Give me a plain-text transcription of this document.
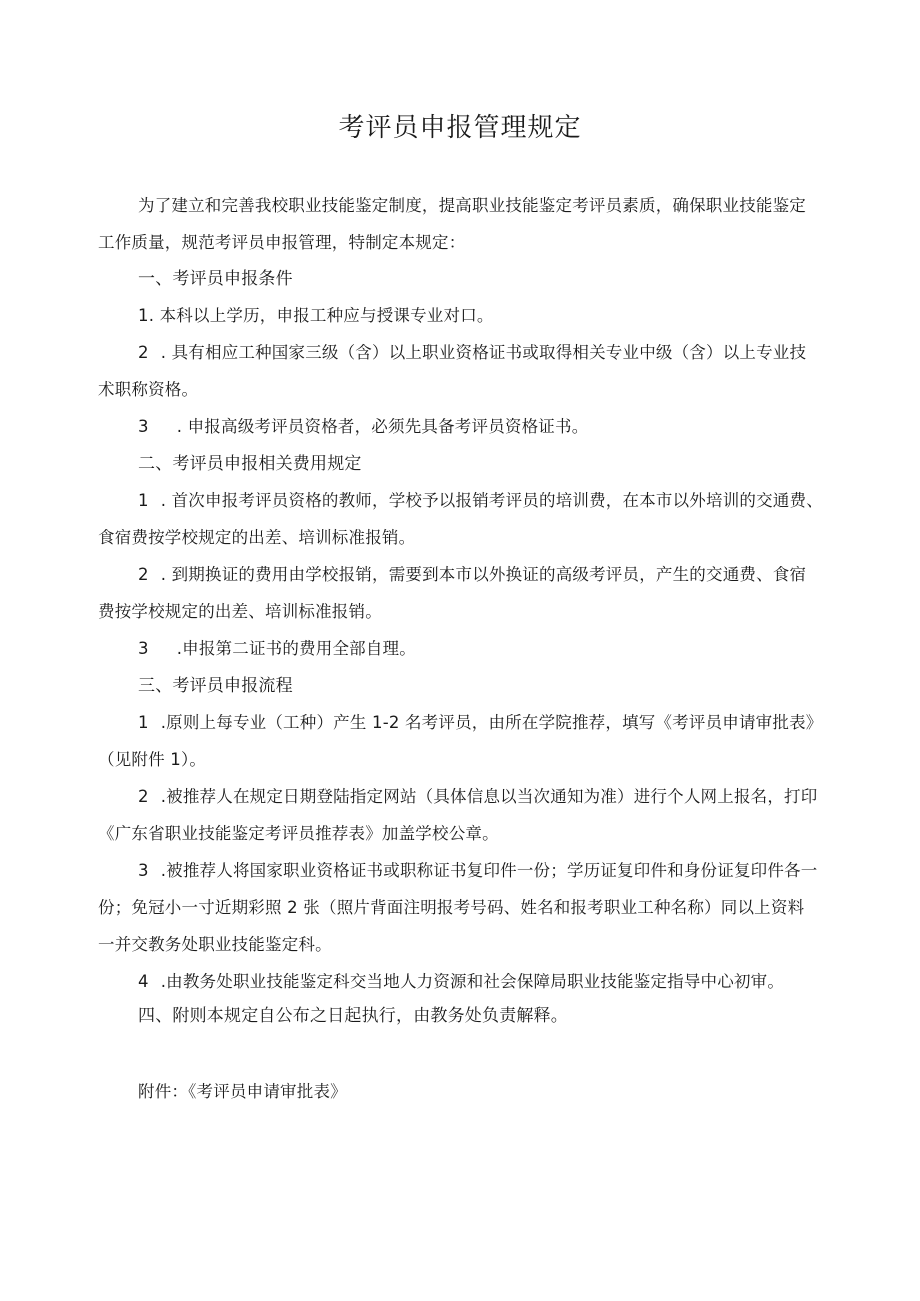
考评员申报管理规定
为了建立和完善我校职业技能鉴定制度，提高职业技能鉴定考评员素质，确保职业技能鉴定
工作质量，规范考评员申报管理，特制定本规定：
一、考评员申报条件
1. 本科以上学历，申报工种应与授课专业对口。
2 . 具有相应工种国家三级（含）以上职业资格证书或取得相关专业中级（含）以上专业技
术职称资格。
3 . 申报高级考评员资格者，必须先具备考评员资格证书。
二、考评员申报相关费用规定
1 . 首次申报考评员资格的教师，学校予以报销考评员的培训费，在本市以外培训的交通费、
食宿费按学校规定的出差、培训标准报销。
2 . 到期换证的费用由学校报销，需要到本市以外换证的高级考评员，产生的交通费、食宿
费按学校规定的出差、培训标准报销。
3 .申报第二证书的费用全部自理。
三、考评员申报流程
1 .原则上每专业（工种）产生 1-2 名考评员，由所在学院推荐，填写《考评员申请审批表》
（见附件 1）。
2 .被推荐人在规定日期登陆指定网站（具体信息以当次通知为准）进行个人网上报名，打印
《广东省职业技能鉴定考评员推荐表》加盖学校公章。
3 .被推荐人将国家职业资格证书或职称证书复印件一份；学历证复印件和身份证复印件各一
份；免冠小一寸近期彩照 2 张（照片背面注明报考号码、姓名和报考职业工种名称）同以上资料
一并交教务处职业技能鉴定科。
4 .由教务处职业技能鉴定科交当地人力资源和社会保障局职业技能鉴定指导中心初审。
四、附则本规定自公布之日起执行，由教务处负责解释。
附件：《考评员申请审批表》
